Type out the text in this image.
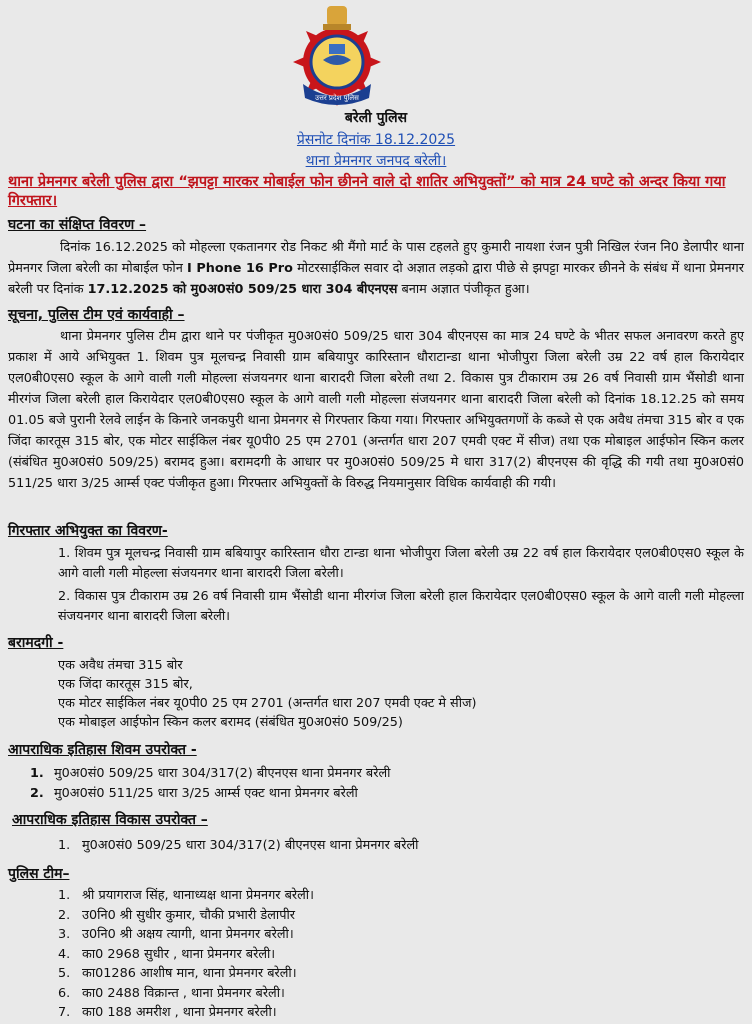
उत्तर प्रदेश पुलिस
बरेली पुलिस
प्रेसनोट दिनांक 18.12.2025
थाना प्रेमनगर जनपद बरेली।
थाना प्रेमनगर बरेली पुलिस द्वारा “झपट्टा मारकर मोबाईल फोन छीनने वाले दो शातिर अभियुक्तों” को मात्र 24 घण्टे को अन्दर किया गया गिरफ्तार।
घटना का संक्षिप्त विवरण –
दिनांक 16.12.2025 को मोहल्ला एकतानगर रोड निकट श्री मैंगो मार्ट के पास टहलते हुए कुमारी नायशा रंजन पुत्री निखिल रंजन नि0 डेलापीर थाना प्रेमनगर जिला बरेली का मोबाईल फोन I Phone 16 Pro मोटरसाईकिल सवार दो अज्ञात लड़को द्वारा पीछे से झपट्टा मारकर छीनने के संबंध में थाना प्रेमनगर बरेली पर दिनांक 17.12.2025 को मु0अ0सं0 509/25 धारा 304 बीएनएस बनाम अज्ञात पंजीकृत हुआ।
सूचना, पुलिस टीम एवं कार्यवाही –
थाना प्रेमनगर पुलिस टीम द्वारा थाने पर पंजीकृत मु0अ0सं0 509/25 धारा 304 बीएनएस का मात्र 24 घण्टे के भीतर सफल अनावरण करते हुए प्रकाश में आये अभियुक्त 1. शिवम पुत्र मूलचन्द्र निवासी ग्राम बबियापुर कारिस्तान धौराटान्डा थाना भोजीपुरा जिला बरेली उम्र 22 वर्ष हाल किरायेदार एल0बी0एस0 स्कूल के आगे वाली गली मोहल्ला संजयनगर थाना बारादरी जिला बरेली तथा 2. विकास पुत्र टीकाराम उम्र 26 वर्ष निवासी ग्राम भैंसोडी थाना मीरगंज जिला बरेली हाल किरायेदार एल0बी0एस0 स्कूल के आगे वाली गली मोहल्ला संजयनगर थाना बारादरी जिला बरेली को दिनांक 18.12.25 को समय 01.05 बजे पुरानी रेलवे लाईन के किनारे जनकपुरी थाना प्रेमनगर से गिरफ्तार किया गया। गिरफ्तार अभियुक्तगणों के कब्जे से एक अवैध तंमचा 315 बोर व एक जिंदा कारतूस 315 बोर, एक मोटर साईकिल नंबर यू0पी0 25 एम 2701 (अन्तर्गत धारा 207 एमवी एक्ट में सीज) तथा एक मोबाइल आईफोन स्किन कलर (संबंधित मु0अ0सं0 509/25) बरामद हुआ। बरामदगी के आधार पर मु0अ0सं0 509/25 मे धारा 317(2) बीएनएस की वृद्धि की गयी तथा मु0अ0सं0 511/25 धारा 3/25 आर्म्स एक्ट पंजीकृत हुआ। गिरफ्तार अभियुक्तों के विरुद्ध नियमानुसार विधिक कार्यवाही की गयी।
गिरफ्तार अभियुक्त का विवरण-
1. शिवम पुत्र मूलचन्द्र निवासी ग्राम बबियापुर कारिस्तान धौरा टान्डा थाना भोजीपुरा जिला बरेली उम्र 22 वर्ष हाल किरायेदार एल0बी0एस0 स्कूल के आगे वाली गली मोहल्ला संजयनगर थाना बारादरी जिला बरेली।
2. विकास पुत्र टीकाराम उम्र 26 वर्ष निवासी ग्राम भैंसोडी थाना मीरगंज जिला बरेली हाल किरायेदार एल0बी0एस0 स्कूल के आगे वाली गली मोहल्ला संजयनगर थाना बारादरी जिला बरेली।
बरामदगी -
एक अवैध तंमचा 315 बोर
एक जिंदा कारतूस 315 बोर,
एक मोटर साईकिल नंबर यू0पी0 25 एम 2701 (अन्तर्गत धारा 207 एमवी एक्ट मे सीज)
एक मोबाइल आईफोन स्किन कलर बरामद (संबंधित मु0अ0सं0 509/25)
आपराधिक इतिहास शिवम उपरोक्त -
1. मु0अ0सं0 509/25 धारा 304/317(2) बीएनएस थाना प्रेमनगर बरेली
2. मु0अ0सं0 511/25 धारा 3/25 आर्म्स एक्ट थाना प्रेमनगर बरेली
आपराधिक इतिहास विकास उपरोक्त –
1. मु0अ0सं0 509/25 धारा 304/317(2) बीएनएस थाना प्रेमनगर बरेली
पुलिस टीम–
1. श्री प्रयागराज सिंह, थानाध्यक्ष थाना प्रेमनगर बरेली।
2. उ0नि0 श्री सुधीर कुमार, चौकी प्रभारी डेलापीर
3. उ0नि0 श्री अक्षय त्यागी, थाना प्रेमनगर बरेली।
4. का0 2968 सुधीर , थाना प्रेमनगर बरेली।
5. का01286 आशीष मान, थाना प्रेमनगर बरेली।
6. का0 2488 विक्रान्त , थाना प्रेमनगर बरेली।
7. का0 188 अमरीश , थाना प्रेमनगर बरेली।
